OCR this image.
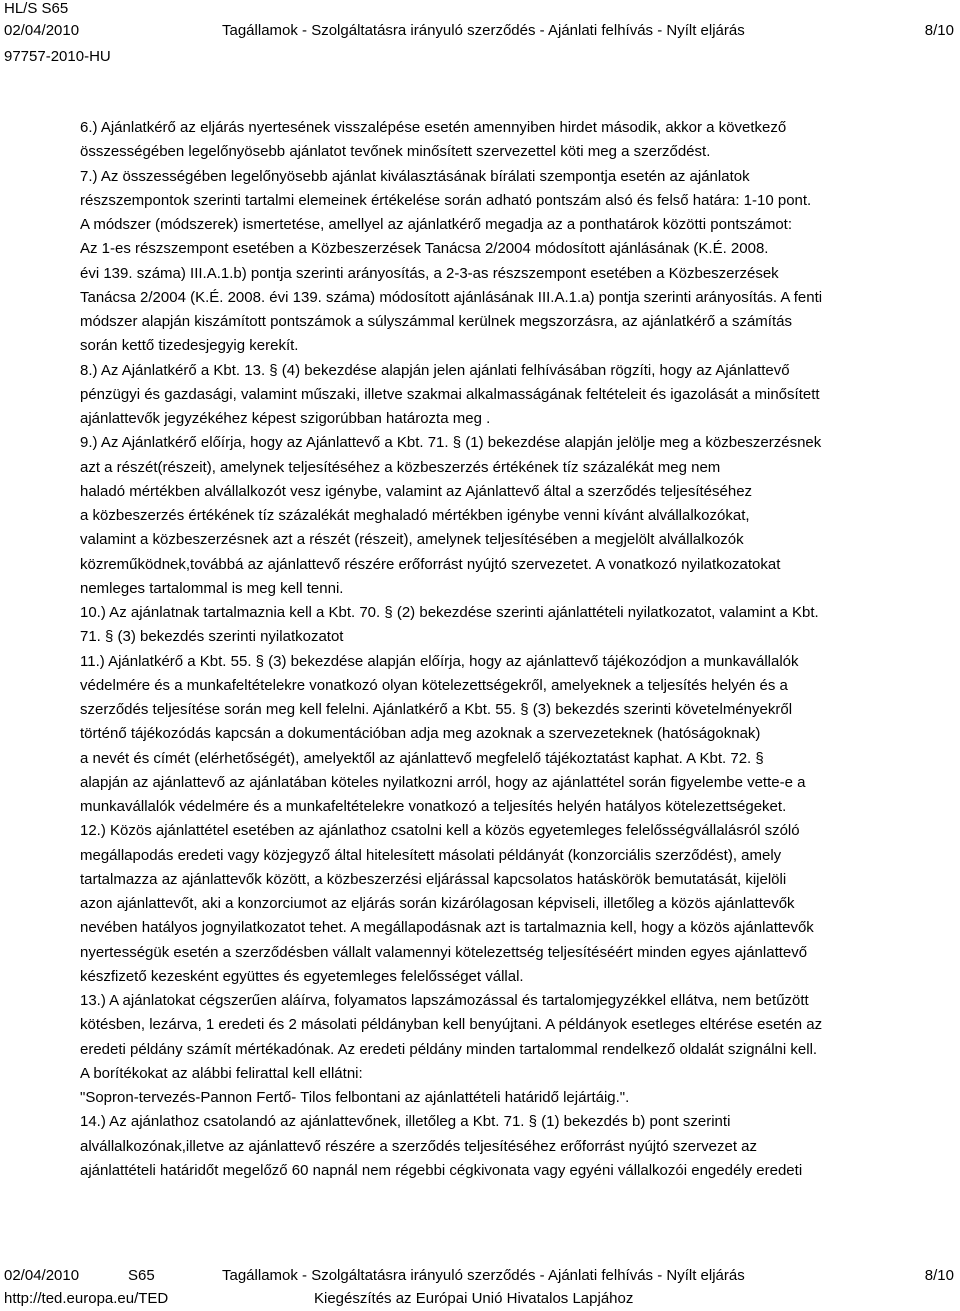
HL/S S65
02/04/2010	Tagállamok - Szolgáltatásra irányuló szerződés - Ajánlati felhívás - Nyílt eljárás	8/10
97757-2010-HU
6.) Ajánlatkérő az eljárás nyertesének visszalépése esetén amennyiben hirdet második, akkor a következő
összességében legelőnyösebb ajánlatot tevőnek minősített szervezettel köti meg a szerződést.
7.) Az összességében legelőnyösebb ajánlat kiválasztásának bírálati szempontja esetén az ajánlatok
részszempontok szerinti tartalmi elemeinek értékelése során adható pontszám alsó és felső határa: 1-10 pont.
A módszer (módszerek) ismertetése, amellyel az ajánlatkérő megadja az a ponthatárok közötti pontszámot:
Az 1-es részszempont esetében a Közbeszerzések Tanácsa 2/2004 módosított ajánlásának (K.É. 2008.
évi 139. száma) III.A.1.b) pontja szerinti arányosítás, a 2-3-as részszempont esetében a Közbeszerzések
Tanácsa 2/2004 (K.É. 2008. évi 139. száma) módosított ajánlásának III.A.1.a) pontja szerinti arányosítás. A fenti
módszer alapján kiszámított pontszámok a súlyszámmal kerülnek megszorzásra, az ajánlatkérő a számítás
során kettő tizedesjegyig kerekít.
8.) Az Ajánlatkérő a Kbt. 13. § (4) bekezdése alapján jelen ajánlati felhívásában rögzíti, hogy az Ajánlattevő
pénzügyi és gazdasági, valamint műszaki, illetve szakmai alkalmasságának feltételeit és igazolását a minősített
ajánlattevők jegyzékéhez képest szigorúbban határozta meg .
9.) Az Ajánlatkérő előírja, hogy az Ajánlattevő a Kbt. 71. § (1) bekezdése alapján jelölje meg a közbeszerzésnek
azt a részét(részeit), amelynek teljesítéséhez a közbeszerzés értékének tíz százalékát meg nem
haladó mértékben alvállalkozót vesz igénybe, valamint az Ajánlattevő által a szerződés teljesítéséhez
a közbeszerzés értékének tíz százalékát meghaladó mértékben igénybe venni kívánt alvállalkozókat,
valamint a közbeszerzésnek azt a részét (részeit), amelynek teljesítésében a megjelölt alvállalkozók
közreműködnek,továbbá az ajánlattevő részére erőforrást nyújtó szervezetet. A vonatkozó nyilatkozatokat
nemleges tartalommal is meg kell tenni.
10.) Az ajánlatnak tartalmaznia kell a Kbt. 70. § (2) bekezdése szerinti ajánlattételi nyilatkozatot, valamint a Kbt.
71. § (3) bekezdés szerinti nyilatkozatot
11.) Ajánlatkérő a Kbt. 55. § (3) bekezdése alapján előírja, hogy az ajánlattevő tájékozódjon a munkavállalók
védelmére és a munkafeltételekre vonatkozó olyan kötelezettségekről, amelyeknek a teljesítés helyén és a
szerződés teljesítése során meg kell felelni. Ajánlatkérő a Kbt. 55. § (3) bekezdés szerinti követelményekről
történő tájékozódás kapcsán a dokumentációban adja meg azoknak a szervezeteknek (hatóságoknak)
a nevét és címét (elérhetőségét), amelyektől az ajánlattevő megfelelő tájékoztatást kaphat. A Kbt. 72. §
alapján az ajánlattevő az ajánlatában köteles nyilatkozni arról, hogy az ajánlattétel során figyelembe vette-e a
munkavállalók védelmére és a munkafeltételekre vonatkozó a teljesítés helyén hatályos kötelezettségeket.
12.) Közös ajánlattétel esetében az ajánlathoz csatolni kell a közös egyetemleges felelősségvállalásról szóló
megállapodás eredeti vagy közjegyző által hitelesített másolati példányát (konzorciális szerződést), amely
tartalmazza az ajánlattevők között, a közbeszerzési eljárással kapcsolatos hatáskörök bemutatását, kijelöli
azon ajánlattevőt, aki a konzorciumot az eljárás során kizárólagosan képviseli, illetőleg a közös ajánlattevők
nevében hatályos jognyilatkozatot tehet. A megállapodásnak azt is tartalmaznia kell, hogy a közös ajánlattevők
nyertességük esetén a szerződésben vállalt valamennyi kötelezettség teljesítéséért minden egyes ajánlattevő
készfizető kezesként együttes és egyetemleges felelősséget vállal.
13.) A ajánlatokat cégszerűen aláírva, folyamatos lapszámozással és tartalomjegyzékkel ellátva, nem betűzött
kötésben, lezárva, 1 eredeti és 2 másolati példányban kell benyújtani. A példányok esetleges eltérése esetén az
eredeti példány számít mértékadónak. Az eredeti példány minden tartalommal rendelkező oldalát szignálni kell.
A borítékokat az alábbi felirattal kell ellátni:
"Sopron-tervezés-Pannon Fertő- Tilos felbontani az ajánlattételi határidő lejártáig.".
14.) Az ajánlathoz csatolandó az ajánlattevőnek, illetőleg a Kbt. 71. § (1) bekezdés b) pont szerinti
alvállalkozónak,illetve az ajánlattevő részére a szerződés teljesítéséhez erőforrást nyújtó szervezet az
ajánlattételi határidőt megelőző 60 napnál nem régebbi cégkivonata vagy egyéni vállalkozói engedély eredeti
02/04/2010	S65	Tagállamok - Szolgáltatásra irányuló szerződés - Ajánlati felhívás - Nyílt eljárás	8/10
http://ted.europa.eu/TED	Kiegészítés az Európai Unió Hivatalos Lapjához
